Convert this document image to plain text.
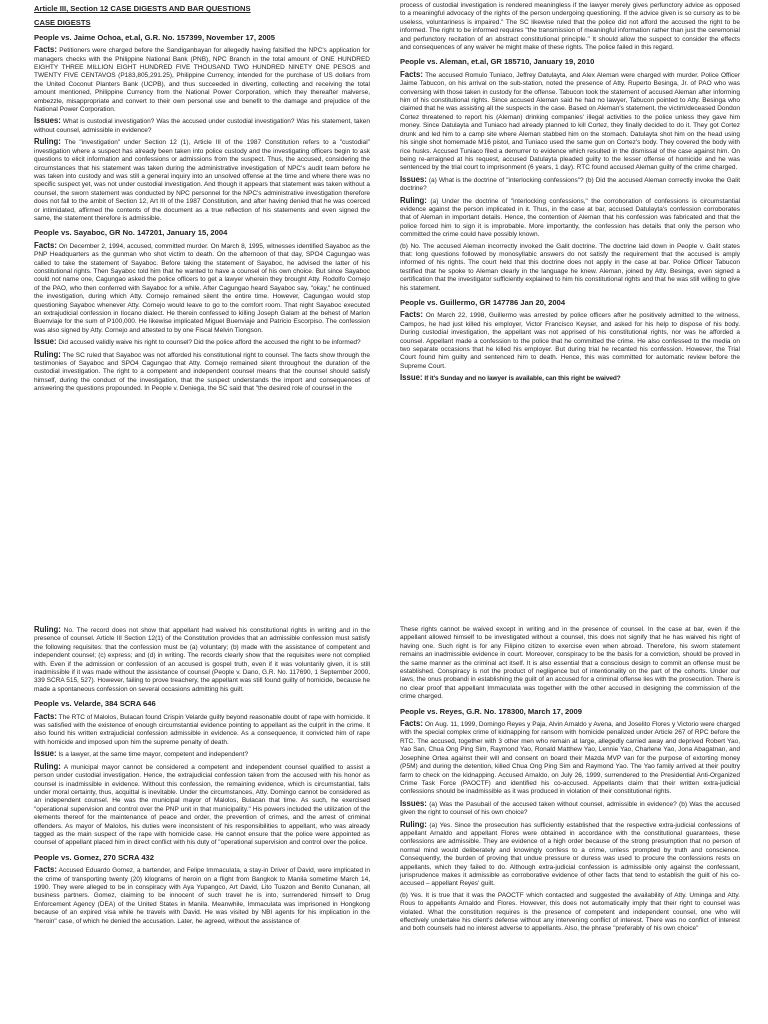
Article III, Section 12 CASE DIGESTS AND BAR QUESTIONS
CASE DIGESTS
People vs. Jaime Ochoa, et.al, G.R. No. 157399, November 17, 2005

Facts: Petitioners were charged before the Sandiganbayan for allegedly having falsified the NPC's application for managers checks with the Philippine National Bank (PNB), NPC Branch in the total amount of ONE HUNDRED EIGHTY THREE MILLION EIGHT HUNDRED FIVE THOUSAND TWO HUNDRED NINETY ONE PESOS and TWENTY FIVE CENTAVOS (P183,805,291.25), Philippine Currency, intended for the purchase of US dollars from the United Coconut Planters Bank (UCPB), and thus succeeded in diverting, collecting and receiving the total amount mentioned, Philippine Currency from the National Power Corporation, which they thereafter malverse, embezzle, misappropriate and convert to their own personal use and benefit to the damage and prejudice of the National Power Corporation.

Issues: What is custodial investigation? Was the accused under custodial investigation? Was his statement, taken without counsel, admissible in evidence?

Ruling: The "investigation" under Section 12 (1), Article III of the 1987 Constitution refers to a "custodial" investigation where a suspect has already been taken into police custody and the investigating officers begin to ask questions to elicit information and confessions or admissions from the suspect. Thus, the accused, considering the circumstances that his statement was taken during the administrative investigation of NPC's audit team before he was taken into custody and was still a general inquiry into an unsolved offense at the time and where there was no specific suspect yet, was not under custodial investigation. And though it appears that statement was taken without a counsel, the sworn statement was conducted by NPC personnel for the NPC's administrative investigation therefore does not fall to the ambit of Section 12, Art III of the 1987 Constitution, and after having denied that he was coerced or intimidated, affirmed the contents of the document as a true reflection of his statements and even signed the same, the statement therefore is admissible.

People vs. Sayaboc, GR No. 147201, January 15, 2004

Facts: On December 2, 1994, accused, committed murder. On March 8, 1995, witnesses identified Sayaboc as the PNP Headquarters as the gunman who shot victim to death. On the afternoon of that day, SPO4 Cagungao was called to take the statement of Sayaboc. Before taking the statement of Sayaboc, he advised the latter of his constitutional rights. Then Sayaboc told him that he wanted to have a counsel of his own choice. But since Sayaboc could not name one, Cagungao asked the police officers to get a lawyer wherein they brought Atty. Rodolfo Cornejo of the PAO, who then conferred with Sayaboc for a while. After Cagungao heard Sayaboc say, "okay," he continued the investigation, during which Atty. Cornejo remained silent the entire time. However, Cagungao would stop questioning Sayaboc whenever Atty. Cornejo would leave to go to the comfort room. That night Sayaboc executed an extrajudicial confession in Ilocano dialect. He therein confessed to killing Joseph Galam at the behest of Marlon Buenviaje for the sum of P100,000. He likewise implicated Miguel Buenviaje and Patricio Escorpiso. The confession was also signed by Atty. Cornejo and attested to by one Fiscal Melvin Tiongson.

Issue: Did accused validly waive his right to counsel? Did the police afford the accused the right to be informed?

Ruling: The SC ruled that Sayaboc was not afforded his constitutional right to counsel. The facts show through the testimonies of Sayaboc and SPO4 Cagungao that Atty. Cornejo remained silent throughout the duration of the custodial investigation. The right to a competent and independent counsel means that the counsel should satisfy himself, during the conduct of the investigation, that the suspect understands the import and consequences of answering the questions propounded. In People v. Deniega, the SC said that "the desired role of counsel in the

process of custodial investigation is rendered meaningless if the lawyer merely gives perfunctory advice as opposed to a meaningful advocacy of the rights of the person undergoing questioning. If the advice given is so cursory as to be useless, voluntariness is impaired." The SC likewise ruled that the police did not afford the accused the right to be informed. The right to be informed requires "the transmission of meaningful information rather than just the ceremonial and perfunctory recitation of an abstract constitutional principle." It should allow the suspect to consider the effects and consequences of any waiver he might make of these rights. The police failed in this regard.

People vs. Aleman, et.al, GR 185710, January 19, 2010

Facts: The accused Romulo Tuniaco, Jeffrey Datulayta, and Alex Aleman were charged with murder. Police Officer Jaime Tabucon, on his arrival on the sub-station, noted the presence of Atty. Ruperto Besinga, Jr. of PAO who was conversing with those taken in custody for the offense. Tabucon took the statement of accused Aleman after informing him of his constitutional rights. Since accused Aleman said he had no lawyer, Tabucon pointed to Atty. Besinga who claimed that he was assisting all the suspects in the case. Based on Aleman's statement, the victim/deceased Dondon Cortez threatened to report his (Aleman) drinking companies' illegal activities to the police unless they gave him money. Since Datulayta and Tuniaco had already planned to kill Cortez, they finally decided to do it. They got Cortez drunk and led him to a camp site where Aleman stabbed him on the stomach. Datulayta shot him on the head using his single shot homemade M16 pistol, and Tuniaco used the same gun on Cortez's body. They covered the body with rice husks. Accused Tuniaco filed a demurrer to evidence which resulted in the dismissal of the case against him. On being re-arraigned at his request, accused Datulayta pleaded guilty to the lesser offense of homicide and he was sentenced by the trial court to imprisonment (6 years, 1 day). RTC found accused Aleman guilty of the crime charged.

Issues: (a) What is the doctrine of "interlocking confessions"? (b) Did the accused Aleman correctly invoke the Galit doctrine?

Ruling: (a) Under the doctrine of "interlocking confessions," the corroboration of confessions is circumstantial evidence against the person implicated in it. Thus, in the case at bar, accused Datulayta's confession corroborates that of Aleman in important details. Hence, the contention of Aleman that his confession was fabricated and that the police forced him to sign it is improbable. More importantly, the confession has details that only the person who committed the crime could have possibly known.

(b) No. The accused Aleman incorrectly invoked the Galit doctrine. The doctrine laid down in People v. Galit states that: long questions followed by monosyllabic answers do not satisfy the requirement that the accused is amply informed of his rights. The court held that this doctrine does not apply in the case at bar. Police Officer Tabucon testified that he spoke to Aleman clearly in the language he knew. Aleman, joined by Atty. Besinga, even signed a certification that the investigator sufficiently explained to him his constitutional rights and that he was still willing to give his statement.

People vs. Guillermo, GR 147786 Jan 20, 2004

Facts: On March 22, 1998, Guillermo was arrested by police officers after he positively admitted to the witness, Campos, he had just killed his employer, Victor Francisco Keyser, and asked for his help to dispose of his body. During custodial investigation, the appellant was not apprised of his constitutional rights, nor was he afforded a counsel. Appellant made a confession to the police that he committed the crime. He also confessed to the media on two separate occasions that he killed his employer. But during trial he recanted his confession. However, the Trial Court found him guilty and sentenced him to death. Hence, this was committed for automatic review before the Supreme Court.

Issue: If it's Sunday and no lawyer is available, can this right be waived?

Ruling: No. The record does not show that appellant had waived his constitutional rights in writing and in the presence of counsel. Article III Section 12(1) of the Constitution provides that an admissible confession must satisfy the following requisites: that the confession must be (a) voluntary; (b) made with the assistance of competent and independent counsel; (c) express; and (d) in writing. The records clearly show that the requisites were not complied with. Even if the admission or confession of an accused is gospel truth, even if it was voluntarily given, it is still inadmissible if it was made without the assistance of counsel (People v. Dano, G.R. No. 117690, 1 September 2000, 339 SCRA 515, 527). However, failing to prove treachery, the appellant was still found guilty of homicide, because he made a spontaneous confession on several occasions admitting his guilt.

People vs. Velarde, 384 SCRA 646

Facts: The RTC of Malolos, Bulacan found Crispin Velarde guilty beyond reasonable doubt of rape with homicide. It was satisfied with the existence of enough circumstantial evidence pointing to appellant as the culprit in the crime. It also found his written extrajudicial confession admissible in evidence. As a consequence, it convicted him of rape with homicide and imposed upon him the supreme penalty of death.

Issue: Is a lawyer, at the same time mayor, competent and independent?

Ruling: A municipal mayor cannot be considered a competent and independent counsel qualified to assist a person under custodial investigation. Hence, the extrajudicial confession taken from the accused with his honor as counsel is inadmissible in evidence. Without this confession, the remaining evidence, which is circumstantial, falls under moral certainty, thus, acquittal is inevitable. Under the circumstances, Atty. Domingo cannot be considered as an independent counsel. He was the municipal mayor of Malolos, Bulacan that time. As such, he exercised "operational supervision and control over the PNP unit in that municipality." His powers included the utilization of the elements thereof for the maintenance of peace and order, the prevention of crimes, and the arrest of criminal offenders. As mayor of Malolos, his duties were inconsistent of his responsibilities to appellant, who was already tagged as the main suspect of the rape with homicide case. He cannot ensure that the police were appointed as counsel of appellant placed him in direct conflict with his duty of "operational supervision and control over the police.

People vs. Gomez, 270 SCRA 432

Facts: Accused Eduardo Gomez, a bartender, and Felipe Immaculata, a stay-in Driver of David, were implicated in the crime of transporting twenty (20) kilograms of heroin on a flight from Bangkok to Manila sometime March 14, 1990. They were alleged to be in conspiracy with Aya Yupangco, Art David, Lito Tuazon and Benito Cunanan, all business partners. Gomez, claiming to be innocent of such travel he is into, surrendered himself to Drug Enforcement Agency (DEA) of the United States in Manila. Meanwhile, Immaculata was imprisoned in Hongkong because of an expired visa while he travels with David. He was visited by NBI agents for his implication in the "heroin" case, of which he denied the accusation. Later, he agreed, without the assistance of

These rights cannot be waived except in writing and in the presence of counsel. In the case at bar, even if the appellant allowed himself to be investigated without a counsel, this does not signify that he has waived his right of having one. Such right is for any Filipino citizen to exercise even when abroad. Therefore, his sworn statement remains an inadmissible evidence in court. Moreover, conspiracy to be the basis for a conviction, should be proved in the same manner as the criminal act itself. It is also essential that a conscious design to commit an offense must be established. Conspiracy is not the product of negligence but of intentionality on the part of the cohorts. Under our laws, the onus probandi in establishing the guilt of an accused for a criminal offense lies with the prosecution. There is no clear proof that appellant Immaculata was together with the other accused in designing the commission of the crime charged.

People vs. Reyes, G.R. No. 178300, March 17, 2009

Facts: On Aug. 11, 1999, Domingo Reyes y Paja, Alvin Arnaldo y Avena, and Joselito Flores y Victorio were charged with the special complex crime of kidnapping for ransom with homicide penalized under Article 267 of RPC before the RTC. The accused, together with 3 other men who remain at large, allegedly carried away and deprived Robert Yao, Yao San, Chua Ong Ping Sim, Raymond Yao, Ronald Matthew Yao, Lennie Yao, Charlene Yao, Jona Abagatnan, and Josephine Ortea against their will and consent on board their Mazda MVP van for the purpose of extorting money (P5M) and during the detention, killed Chua Ong Ping Sim and Raymond Yao. The Yao family arrived at their poultry farm to check on the kidnapping. Accused Arnaldo, on July 26, 1999, surrendered to the Presidential Anti-Organized Crime Task Force (PAOCTF) and identified his co-accused. Appellants claim that their written extra-judicial confessions should be inadmissible as it was produced in violation of their constitutional rights.

Issues: (a) Was the Pasubail of the accused taken without counsel, admissible in evidence? (b) Was the accused given the right to counsel of his own choice?

Ruling: (a) Yes. Since the prosecution has sufficiently established that the respective extra-judicial confessions of appellant Arnaldo and appellant Flores were obtained in accordance with the constitutional guarantees, these confessions are admissible. They are evidence of a high order because of the strong presumption that no person of normal mind would deliberately and knowingly confess to a crime, unless prompted by truth and conscience. Consequently, the burden of proving that undue pressure or duress was used to procure the confessions rests on appellants, which they failed to do. Although extra-judicial confession is admissible only against the confessant, jurisprudence makes it admissible as corroborative evidence of other facts that tend to establish the guilt of his co-accused – appellant Reyes' guilt.

(b) Yes. It is true that it was the PAOCTF which contacted and suggested the availability of Atty. Uminga and Atty. Rous to appellants Arnaldo and Flores. However, this does not automatically imply that their right to counsel was violated. What the constitution requires is the presence of competent and independent counsel, one who will effectively undertake his client's defense without any intervening conflict of interest. There was no conflict of interest and both counsels had no interest adverse to appellants. Also, the phrase "preferably of his own choice"
